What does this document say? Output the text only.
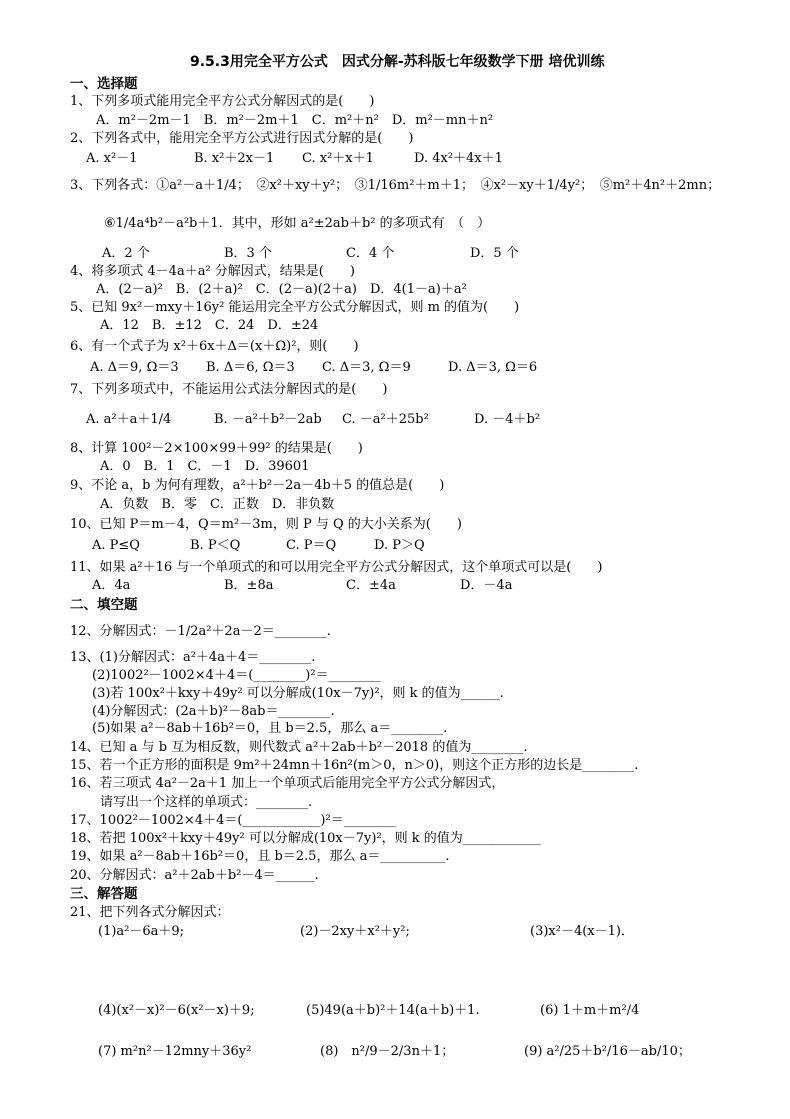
9.5.3用完全平方公式　因式分解-苏科版七年级数学下册 培优训练
一、选择题
1、下列多项式能用完全平方公式分解因式的是(　　)
A．m²－2m－1　B．m²－2m＋1　C．m²＋n²　D．m²－mn＋n²
2、下列各式中，能用完全平方公式进行因式分解的是(　　)
A. x²－1	B. x²＋2x－1 C. x²＋x＋1	D. 4x²＋4x＋1
3、下列各式：①a²－a＋1/4；　②x²＋xy＋y²；　③1/16m²＋m＋1；　④x²－xy＋1/4y²；　⑤m²＋4n²＋2mn；
⑥1/4a⁴b²－a²b＋1．其中，形如 a²±2ab＋b² 的多项式有　（　）
A．2 个	B．3 个	C．4 个	D．5 个
4、将多项式 4－4a＋a² 分解因式，结果是(　　)
A．(2－a)²　B．(2＋a)²　C．(2－a)(2＋a)　D．4(1－a)＋a²
5、已知 9x²－mxy＋16y² 能运用完全平方公式分解因式，则 m 的值为(　　)
A．12　B．±12　C．24　D．±24
6、有一个式子为 x²＋6x＋Δ＝(x＋Ω)²，则(　　)
A. Δ＝9, Ω＝3 B. Δ＝6, Ω＝3 C. Δ＝3, Ω＝9	D. Δ＝3, Ω＝6
7、下列多项式中，不能运用公式法分解因式的是(　　)
A. a²＋a＋1/4	B. －a²＋b²－2ab C. －a²＋25b²	D. －4＋b²
8、计算 100²－2×100×99＋99² 的结果是(　　)
A．0　B．1　C．－1　D．39601
9、不论 a，b 为何有理数，a²＋b²－2a－4b＋5 的值总是(　　)
A．负数　B．零　C．正数　D．非负数
10、已知 P＝m－4，Q＝m²－3m，则 P 与 Q 的大小关系为(　　)
A. P≤Q	B. P＜Q	C. P＝Q	D. P＞Q
11、如果 a²＋16 与一个单项式的和可以用完全平方公式分解因式，这个单项式可以是(　　)
A．4a	B．±8a	C．±4a	D．－4a
二、填空题
12、分解因式：－1/2a²＋2a－2＝________.
13、(1)分解因式：a²＋4a＋4＝________.
(2)1002²－1002×4＋4＝(________)²＝________
(3)若 100x²＋kxy＋49y² 可以分解成(10x－7y)²，则 k 的值为______.
(4)分解因式：(2a＋b)²－8ab＝________.
(5)如果 a²－8ab＋16b²＝0，且 b＝2.5，那么 a＝________.
14、已知 a 与 b 互为相反数，则代数式 a²＋2ab＋b²－2018 的值为________.
15、若一个正方形的面积是 9m²＋24mn＋16n²(m＞0，n＞0)，则这个正方形的边长是________.
16、若三项式 4a²－2a＋1 加上一个单项式后能用完全平方公式分解因式，
请写出一个这样的单项式：________.
17、1002²－1002×4＋4＝(____________)²＝________
18、若把 100x²＋kxy＋49y² 可以分解成(10x－7y)²，则 k 的值为____________
19、如果 a²－8ab＋16b²＝0，且 b＝2.5，那么 a＝__________.
20、分解因式：a²＋2ab＋b²－4＝______.
三、解答题
21、把下列各式分解因式：
(1)a²－6a＋9;	(2)－2xy＋x²＋y²;	(3)x²－4(x－1)．
(4)(x²－x)²－6(x²－x)＋9;	(5)49(a＋b)²＋14(a＋b)＋1.	(6) 1＋m＋m²/4
(7) m²n²－12mny＋36y²	(8)　n²/9－2/3n＋1；	(9) a²/25＋b²/16－ab/10；
